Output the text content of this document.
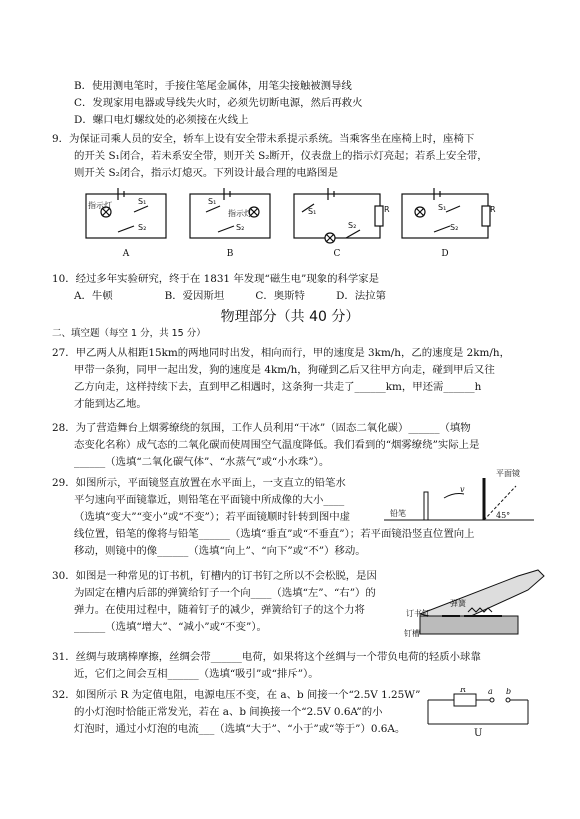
B．使用测电笔时，手接住笔尾金属体，用笔尖接触被测导线
C．发现家用电器或导线失火时，必须先切断电源，然后再救火
D．螺口电灯螺纹处的必须接在火线上
9．为保证司乘人员的安全，轿车上设有安全带未系提示系统。当乘客坐在座椅上时，座椅下
的开关 S₁闭合，若未系安全带，则开关 S₂断开，仪表盘上的指示灯亮起；若系上安全带，
则开关 S₂闭合，指示灯熄灭。下列设计最合理的电路图是
指示灯	S₁
S₂
S₁
指示灯
S₂
S₁
S₂
R	S₁
S₂
R
A	B	C	D
10．经过多年实验研究，终于在 1831 年发现“磁生电”现象的科学家是
A．牛顿　　　　　B．爱因斯坦　　　C．奥斯特　　　D．法拉第
物理部分（共 40 分）
二、填空题（每空 1 分，共 15 分）
27．甲乙两人从相距15km的两地同时出发，相向而行，甲的速度是 3km/h，乙的速度是 2km/h，
甲带一条狗，同甲一起出发，狗的速度是 4km/h，狗碰到乙后又往甲方向走，碰到甲后又往
乙方向走，这样持续下去，直到甲乙相遇时，这条狗一共走了______km，甲还需______h
才能到达乙地。
28．为了营造舞台上烟雾缭绕的氛围，工作人员利用“干冰”（固态二氧化碳）______（填物
态变化名称）成气态的二氧化碳而使周围空气温度降低。我们看到的“烟雾缭绕”实际上是
______（选填“二氧化碳气体”、“水蒸气”或“小水珠”）。
29．如图所示，平面镜竖直放置在水平面上，一支直立的铅笔水
平匀速向平面镜靠近，则铅笔在平面镜中所成像的大小____
（选填“变大”“变小”或“不变”）；若平面镜顺时针转到图中虚
线位置，铅笔的像将与铅笔______（选填“垂直”或“不垂直”）；若平面镜沿竖直位置向上
移动，则镜中的像______（选填“向上”、“向下”或“不”）移动。
v
平面镜
铅笔	45°
30．如图是一种常见的订书机，钉槽内的订书钉之所以不会松脱，是因
为固定在槽内后部的弹簧给钉子一个向____（选填“左”、“右”）的
弹力。在使用过程中，随着钉子的减少，弹簧给钉子的这个力将
______（选填“增大”、“减小”或“不变”）。
订书钉
弹簧
钉槽
31．丝绸与玻璃棒摩擦，丝绸会带______电荷，如果将这个丝绸与一个带负电荷的轻质小球靠
近，它们之间会互相______（选填“吸引”或“排斥”）。
32．如图所示 R 为定值电阻，电源电压不变，在 a、b 间接一个“2.5V 1.25W”
的小灯泡时恰能正常发光，若在 a、b 间换接一个“2.5V 0.6A”的小
灯泡时，通过小灯泡的电流___（选填“大于”、“小于”或“等于”）0.6A。
R	a b
U
